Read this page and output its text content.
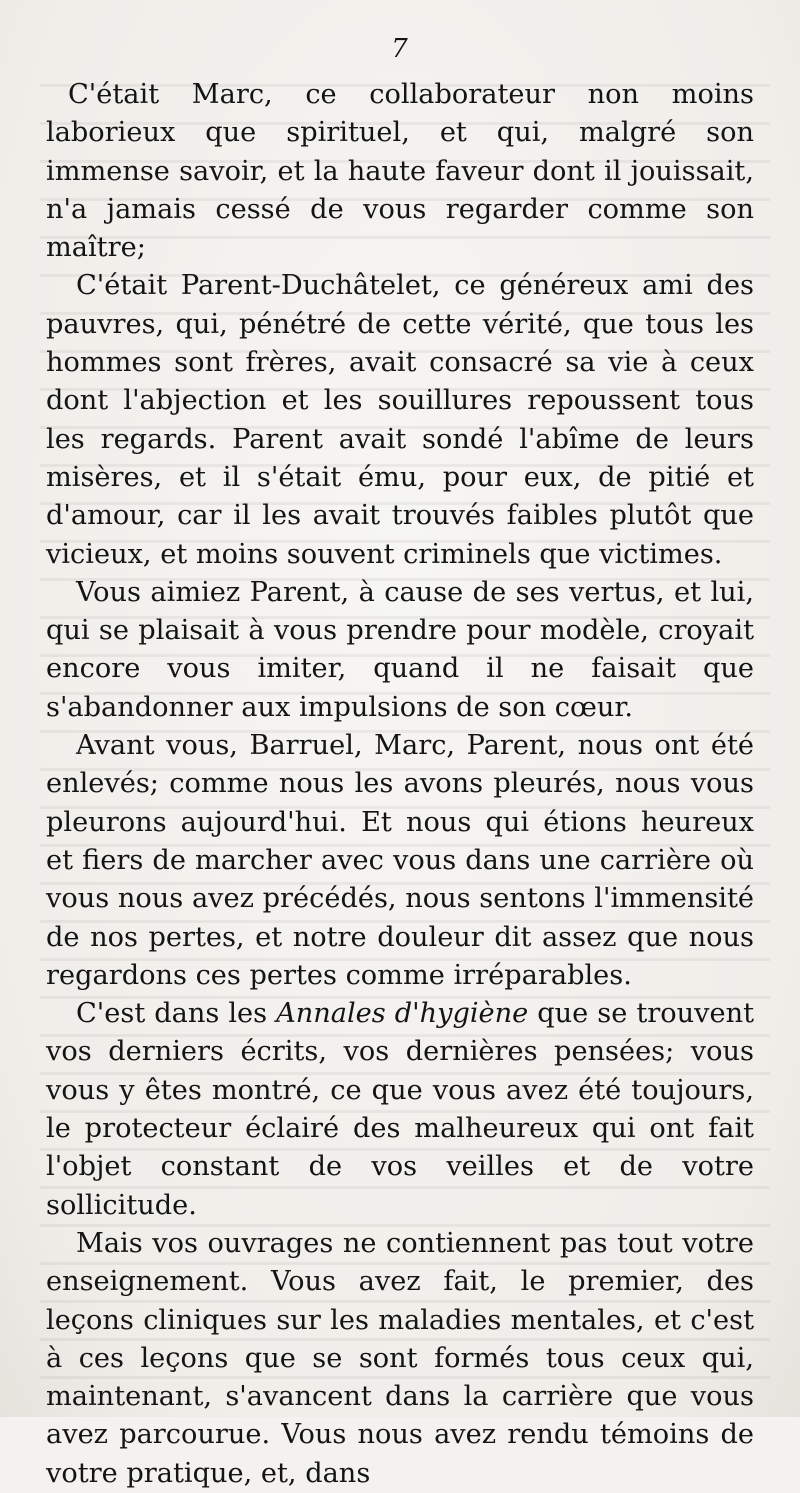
7

C'était Marc, ce collaborateur non moins laborieux que spirituel, et qui, malgré son immense savoir, et la haute faveur dont il jouissait, n'a jamais cessé de vous regarder comme son maître;

C'était Parent-Duchâtelet, ce généreux ami des pauvres, qui, pénétré de cette vérité, que tous les hommes sont frères, avait consacré sa vie à ceux dont l'abjection et les souillures repoussent tous les regards. Parent avait sondé l'abîme de leurs misères, et il s'était ému, pour eux, de pitié et d'amour, car il les avait trouvés faibles plutôt que vicieux, et moins souvent criminels que victimes.

Vous aimiez Parent, à cause de ses vertus, et lui, qui se plaisait à vous prendre pour modèle, croyait encore vous imiter, quand il ne faisait que s'abandonner aux impulsions de son cœur.

Avant vous, Barruel, Marc, Parent, nous ont été enlevés; comme nous les avons pleurés, nous vous pleurons aujourd'hui. Et nous qui étions heureux et fiers de marcher avec vous dans une carrière où vous nous avez précédés, nous sentons l'immensité de nos pertes, et notre douleur dit assez que nous regardons ces pertes comme irréparables.

C'est dans les Annales d'hygiène que se trouvent vos derniers écrits, vos dernières pensées; vous vous y êtes montré, ce que vous avez été toujours, le protecteur éclairé des malheureux qui ont fait l'objet constant de vos veilles et de votre sollicitude.

Mais vos ouvrages ne contiennent pas tout votre enseignement. Vous avez fait, le premier, des leçons cliniques sur les maladies mentales, et c'est à ces leçons que se sont formés tous ceux qui, maintenant, s'avancent dans la carrière que vous avez parcourue. Vous nous avez rendu témoins de votre pratique, et, dans
